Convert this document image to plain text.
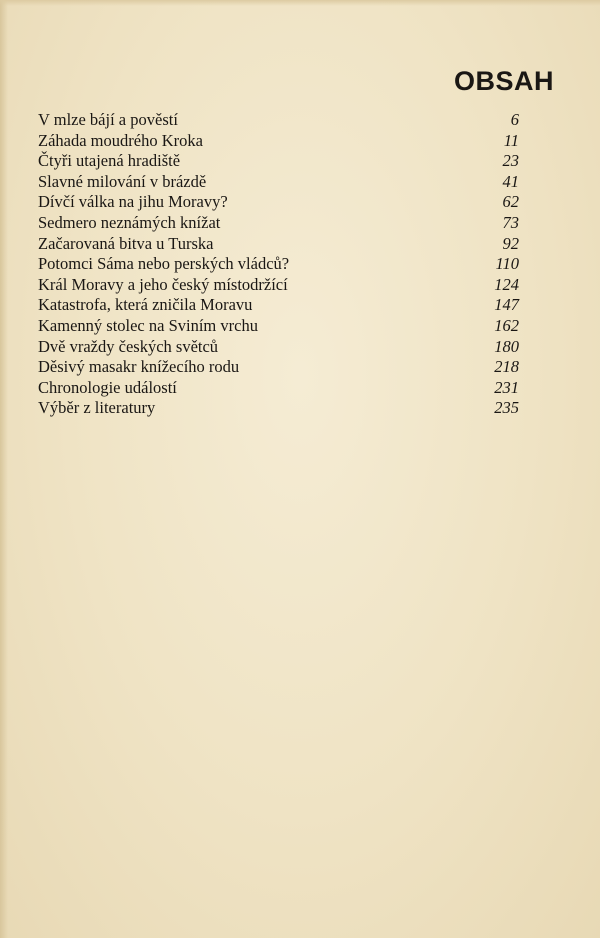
OBSAH
V mlze bájí a pověstí	6
Záhada moudrého Kroka	11
Čtyři utajená hradiště	23
Slavné milování v brázdě	41
Dívčí válka na jihu Moravy?	62
Sedmero neznámých knížat	73
Začarovaná bitva u Turska	92
Potomci Sáma nebo perských vládců?	110
Král Moravy a jeho český místodržící	124
Katastrofa, která zničila Moravu	147
Kamenný stolec na Sviním vrchu	162
Dvě vraždy českých světců	180
Děsivý masakr knížecího rodu	218
Chronologie událostí	231
Výběr z literatury	235
